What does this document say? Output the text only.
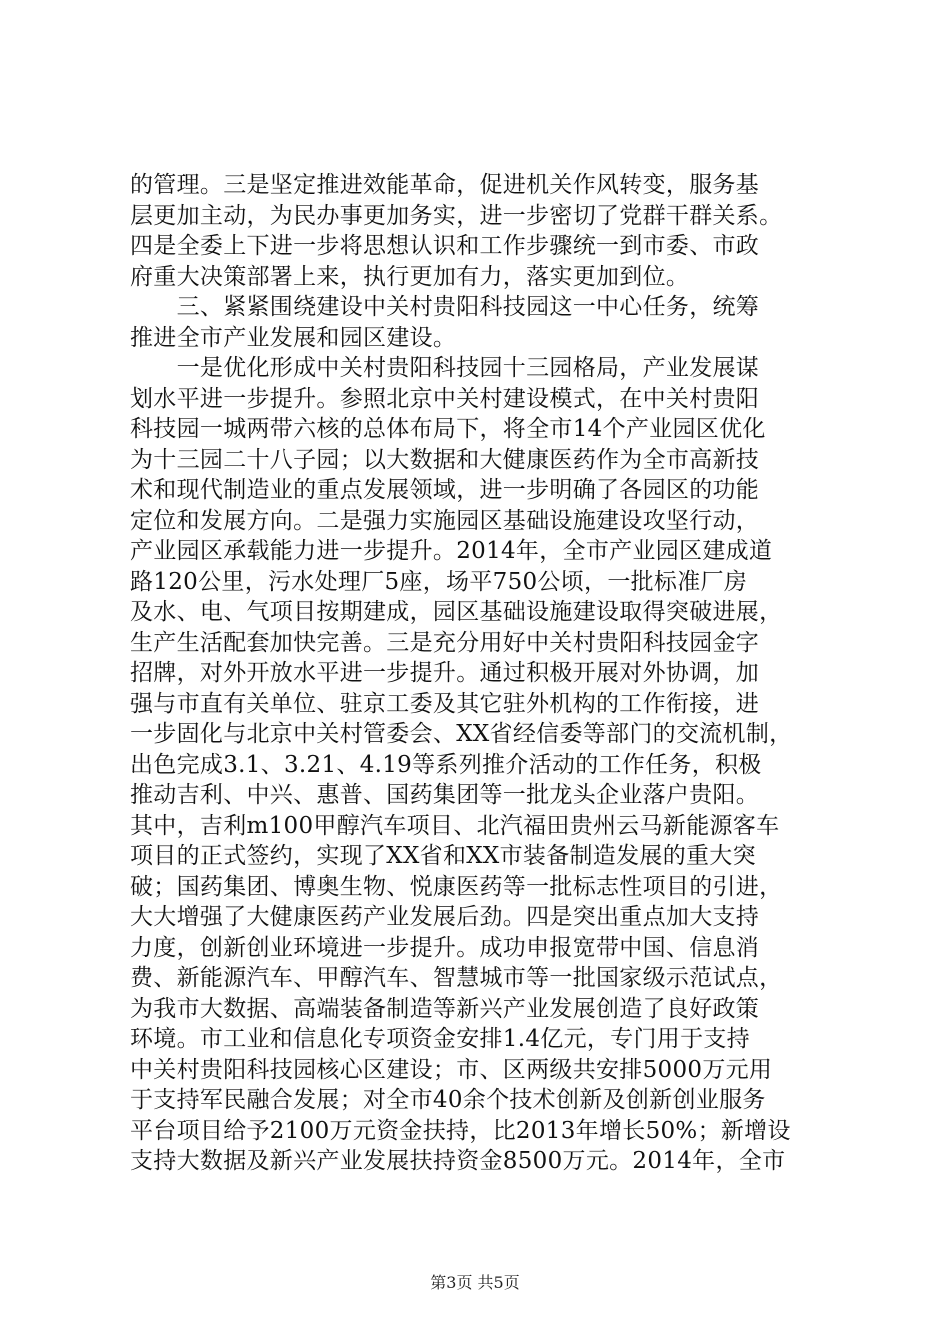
的管理。三是坚定推进效能革命，促进机关作风转变，服务基
层更加主动，为民办事更加务实，进一步密切了党群干群关系。
四是全委上下进一步将思想认识和工作步骤统一到市委、市政
府重大决策部署上来，执行更加有力，落实更加到位。
　　三、紧紧围绕建设中关村贵阳科技园这一中心任务，统筹
推进全市产业发展和园区建设。
　　一是优化形成中关村贵阳科技园十三园格局，产业发展谋
划水平进一步提升。参照北京中关村建设模式，在中关村贵阳
科技园一城两带六核的总体布局下，将全市14个产业园区优化
为十三园二十八子园；以大数据和大健康医药作为全市高新技
术和现代制造业的重点发展领域，进一步明确了各园区的功能
定位和发展方向。二是强力实施园区基础设施建设攻坚行动，
产业园区承载能力进一步提升。2014年，全市产业园区建成道
路120公里，污水处理厂5座，场平750公顷，一批标准厂房
及水、电、气项目按期建成，园区基础设施建设取得突破进展，
生产生活配套加快完善。三是充分用好中关村贵阳科技园金字
招牌，对外开放水平进一步提升。通过积极开展对外协调，加
强与市直有关单位、驻京工委及其它驻外机构的工作衔接，进
一步固化与北京中关村管委会、XX省经信委等部门的交流机制，
出色完成3.1、3.21、4.19等系列推介活动的工作任务，积极
推动吉利、中兴、惠普、国药集团等一批龙头企业落户贵阳。
其中，吉利m100甲醇汽车项目、北汽福田贵州云马新能源客车
项目的正式签约，实现了XX省和XX市装备制造发展的重大突
破；国药集团、博奥生物、悦康医药等一批标志性项目的引进，
大大增强了大健康医药产业发展后劲。四是突出重点加大支持
力度，创新创业环境进一步提升。成功申报宽带中国、信息消
费、新能源汽车、甲醇汽车、智慧城市等一批国家级示范试点，
为我市大数据、高端装备制造等新兴产业发展创造了良好政策
环境。市工业和信息化专项资金安排1.4亿元，专门用于支持
中关村贵阳科技园核心区建设；市、区两级共安排5000万元用
于支持军民融合发展；对全市40余个技术创新及创新创业服务
平台项目给予2100万元资金扶持，比2013年增长50%；新增设
支持大数据及新兴产业发展扶持资金8500万元。2014年，全市
第3页 共5页
